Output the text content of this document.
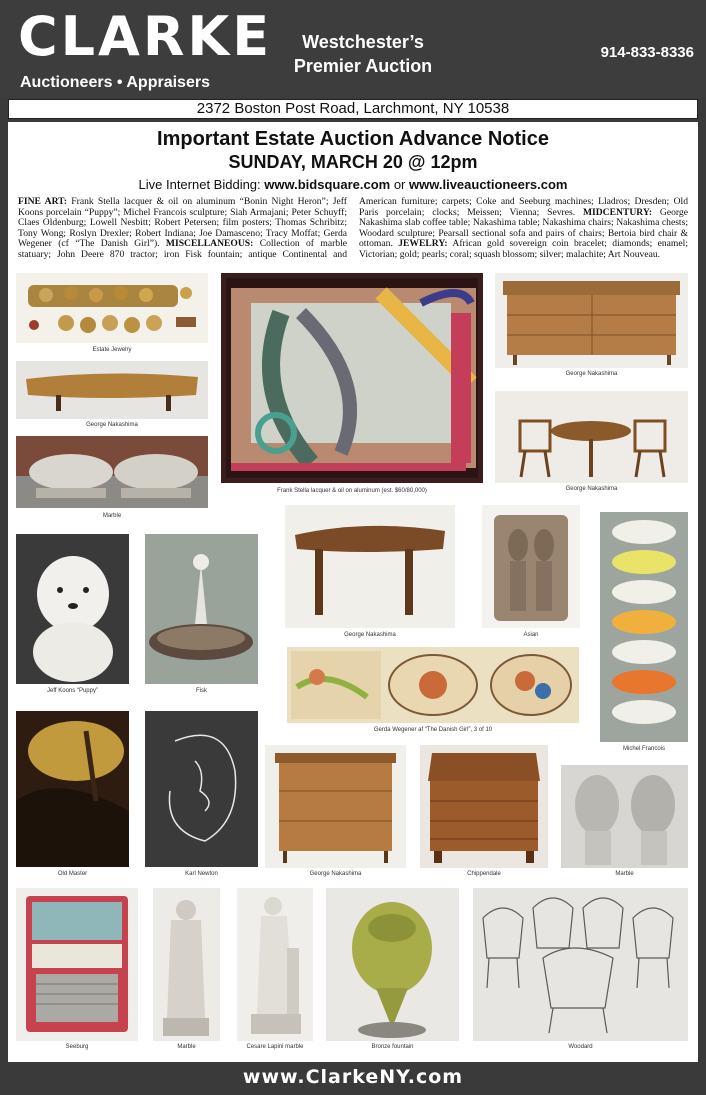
CLARKE
Auctioneers • Appraisers
Westchester’s
Premier Auction
914-833-8336
2372 Boston Post Road, Larchmont, NY 10538
Important Estate Auction Advance Notice
SUNDAY, MARCH 20 @ 12pm
Live Internet Bidding: www.bidsquare.com or www.liveauctioneers.com
FINE ART: Frank Stella lacquer & oil on aluminum “Bonin Night Heron”; Jeff Koons porcelain “Puppy”; Michel Francois sculpture; Siah Armajani; Peter Schuyff; Claes Oldenburg; Lowell Nesbitt; Robert Petersen; film posters; Thomas Schribitz; Tony Wong; Roslyn Drexler; Robert Indiana; Joe Damasceno; Tracy Moffat; Gerda Wegener (cf “The Danish Girl”). MISCELLANEOUS: Collection of marble statuary; John Deere 870 tractor; iron Fisk fountain; antique Continental and American furniture; carpets; Coke and Seeburg machines; Lladros; Dresden; Old Paris porcelain; clocks; Meissen; Vienna; Sevres. MIDCENTURY: George Nakashima slab coffee table; Nakashima table; Nakashima chairs; Nakashima chests; Woodard sculpture; Pearsall sectional sofa and pairs of chairs; Bertoia bird chair & ottoman. JEWELRY: African gold sovereign coin bracelet; diamonds; enamel; Victorian; gold; pearls; coral; squash blossom; silver; malachite; Art Nouveau.
Estate Jewelry
Frank Stella lacquer & oil on aluminum (est. $60/80,000)
George Nakashima
George Nakashima
George Nakashima
Marble
Jeff Koons “Puppy”	Fisk
George Nakashima	Asian
Michel Francois
Gerda Wegener af “The Danish Girl”, 3 of 10
Old Master	Karl Newton	George Nakashima	Chippendale	Marble
Seeburg	Marble	Cesare Lapini marble	Bronze fountain	Woodard
www.ClarkeNY.com
